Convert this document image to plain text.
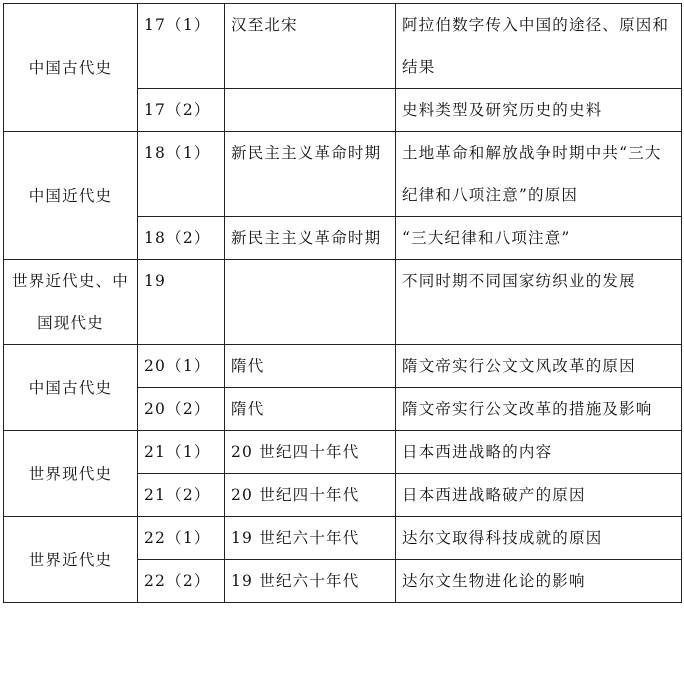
中国古代史	17（1）	汉至北宋	阿拉伯数字传入中国的途径、原因和结果
	17（2）		史料类型及研究历史的史料
中国近代史	18（1）	新民主主义革命时期	土地革命和解放战争时期中共“三大纪律和八项注意”的原因
	18（2）	新民主主义革命时期	“三大纪律和八项注意”
世界近代史、中国现代史	19		不同时期不同国家纺织业的发展
中国古代史	20（1）	隋代	隋文帝实行公文文风改革的原因
	20（2）	隋代	隋文帝实行公文改革的措施及影响
世界现代史	21（1）	20 世纪四十年代	日本西进战略的内容
	21（2）	20 世纪四十年代	日本西进战略破产的原因
世界近代史	22（1）	19 世纪六十年代	达尔文取得科技成就的原因
	22（2）	19 世纪六十年代	达尔文生物进化论的影响
